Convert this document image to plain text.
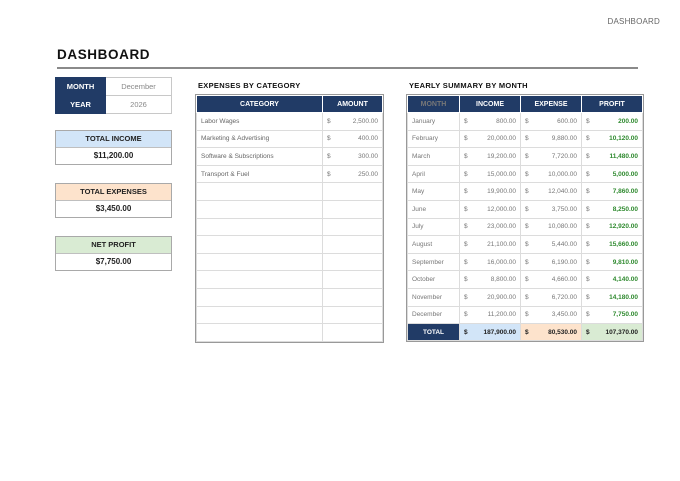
DASHBOARD
DASHBOARD
MONTH	December
YEAR	2026
TOTAL INCOME
$11,200.00
TOTAL EXPENSES
$3,450.00
NET PROFIT
$7,750.00
EXPENSES BY CATEGORY
CATEGORY	AMOUNT
Labor Wages	$ 2,500.00

Marketing & Advertising	$ 400.00

Software & Subscriptions	$ 300.00

Transport & Fuel	$ 250.00

YEARLY SUMMARY BY MONTH
MONTH	INCOME	EXPENSE	PROFIT
January	$ 800.00	$ 600.00	$ 200.00

February	$ 20,000.00	$ 9,880.00	$ 10,120.00

March	$ 19,200.00	$ 7,720.00	$ 11,480.00

April	$ 15,000.00	$ 10,000.00	$ 5,000.00

May	$ 19,900.00	$ 12,040.00	$ 7,860.00

June	$ 12,000.00	$ 3,750.00	$ 8,250.00

July	$ 23,000.00	$ 10,080.00	$ 12,920.00

August	$ 21,100.00	$ 5,440.00	$ 15,660.00

September	$ 16,000.00	$ 6,190.00	$ 9,810.00

October	$ 8,800.00	$ 4,660.00	$ 4,140.00

November	$ 20,900.00	$ 6,720.00	$ 14,180.00

December	$ 11,200.00	$ 3,450.00	$ 7,750.00

TOTAL	$ 187,900.00	$ 80,530.00	$ 107,370.00
